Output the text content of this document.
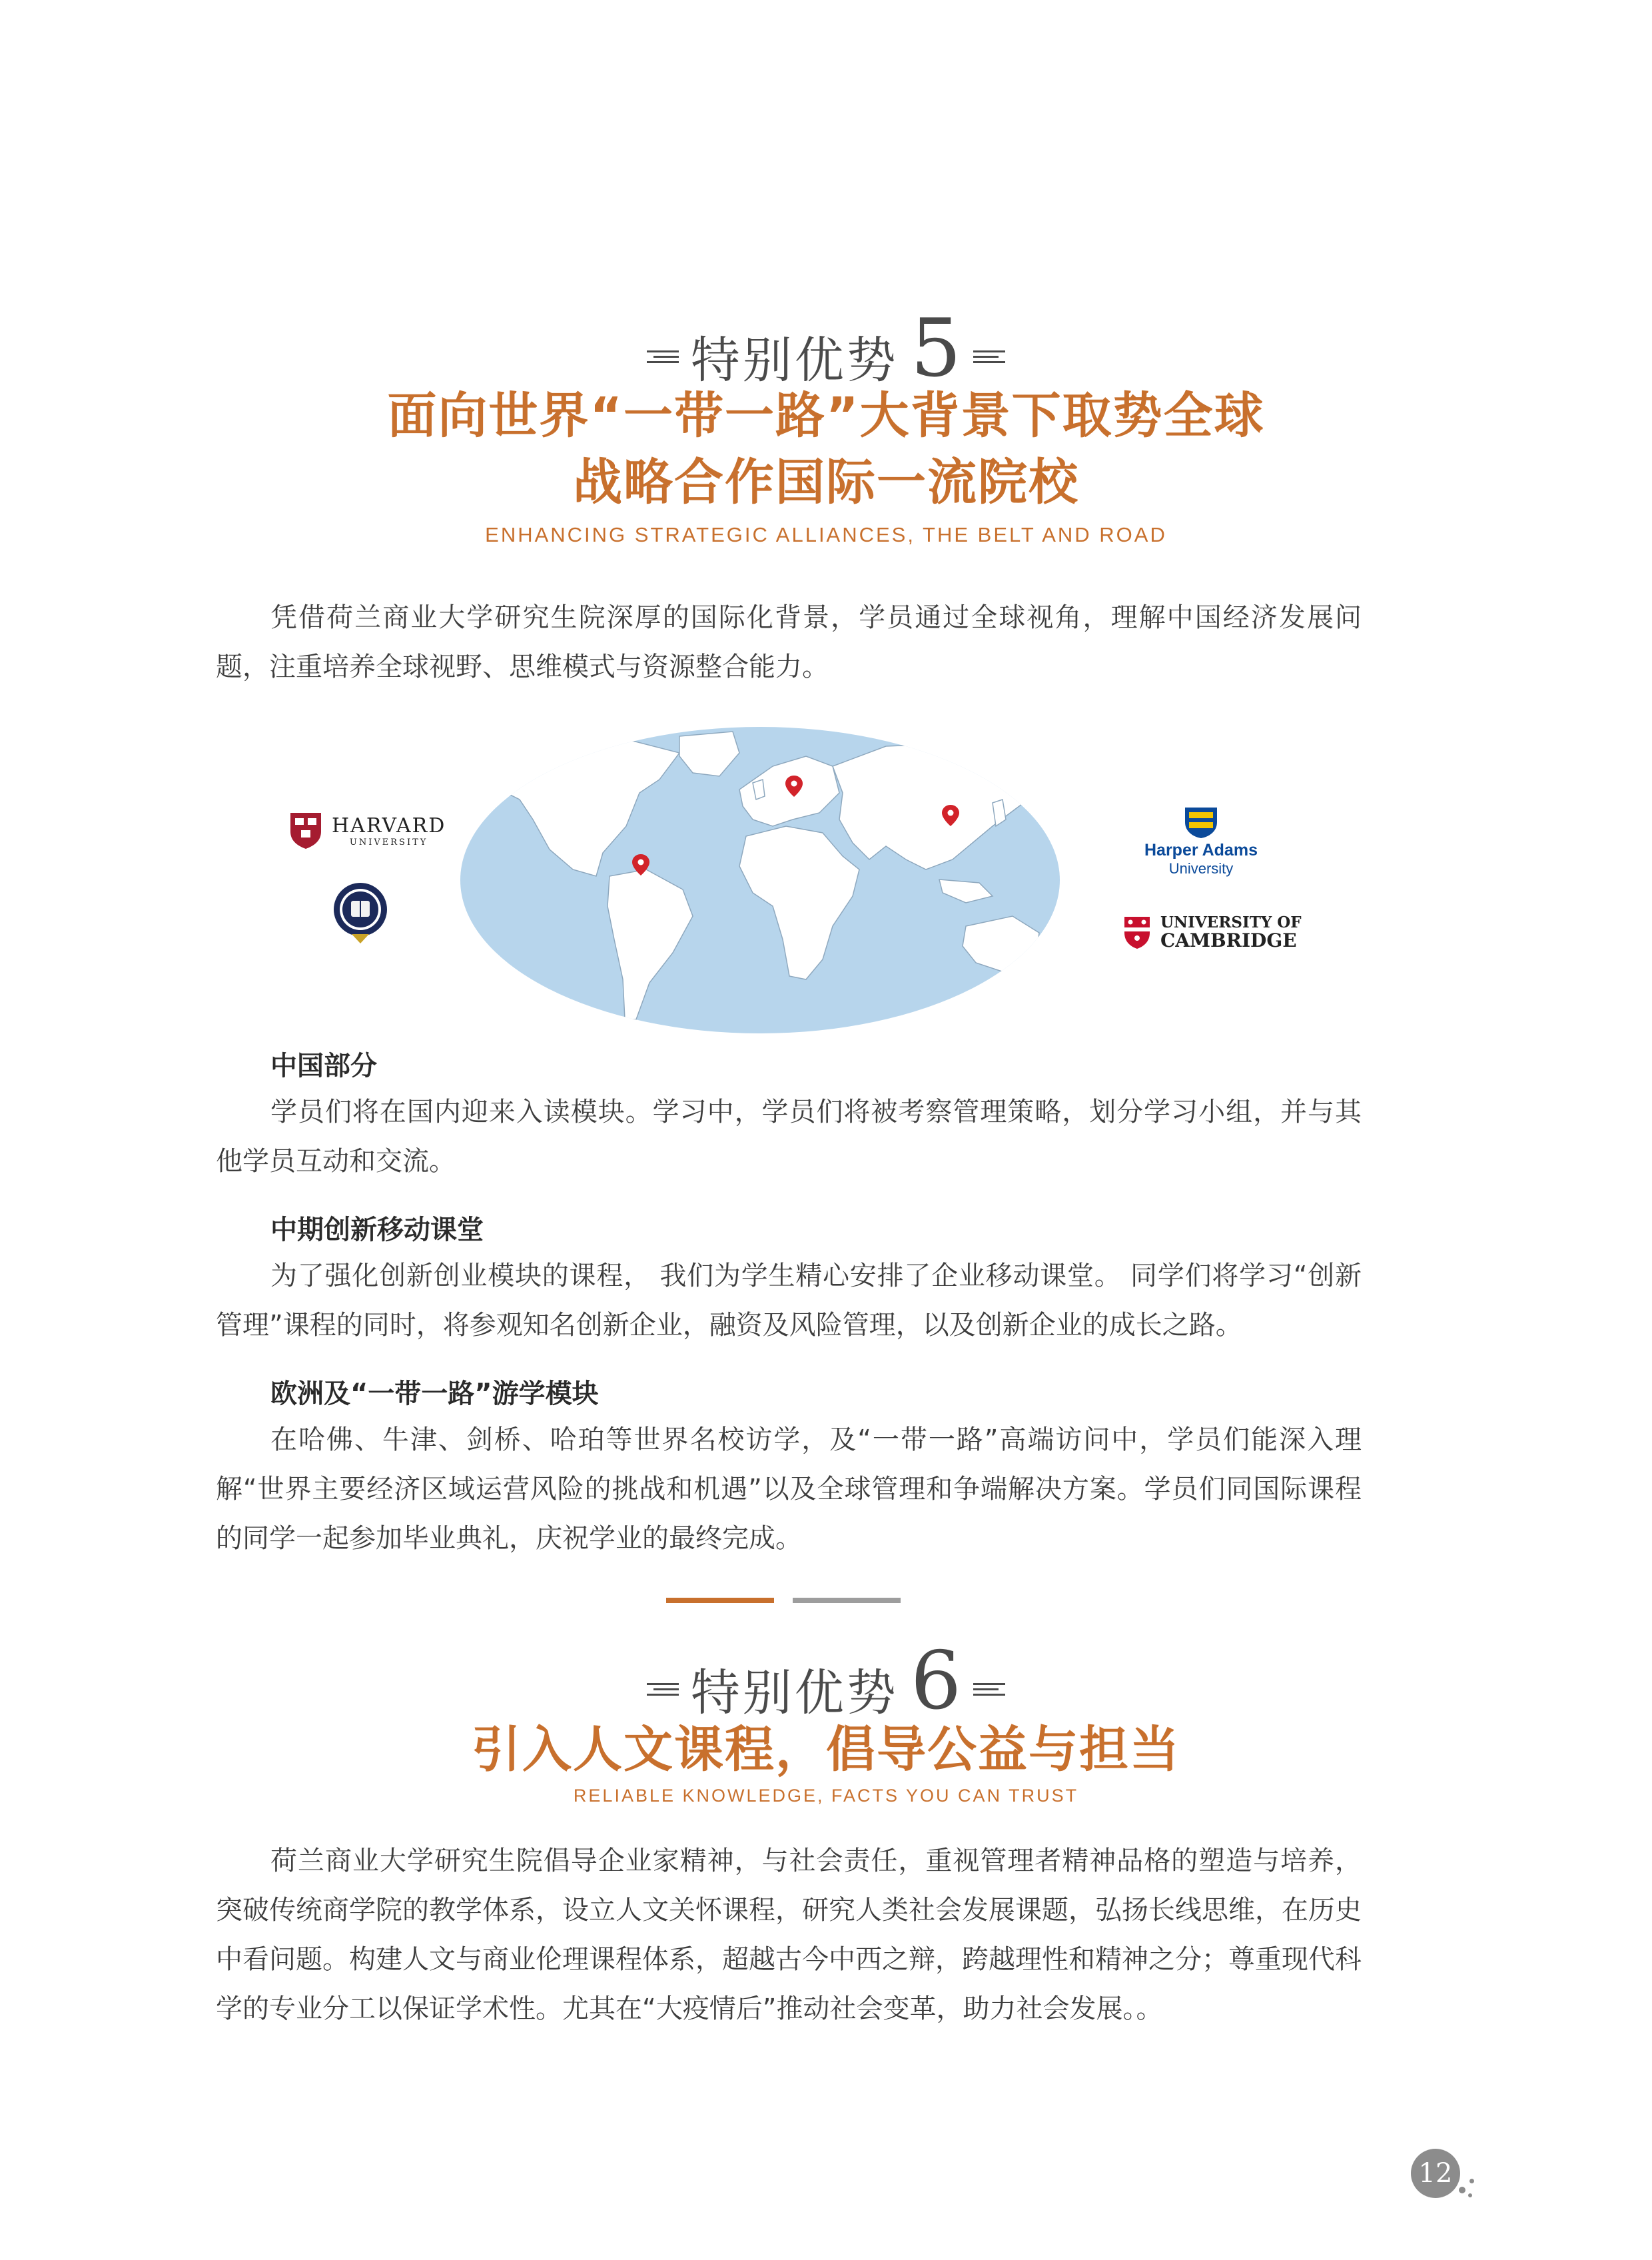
特别优势 5
面向世界“一带一路”大背景下取势全球
战略合作国际一流院校
ENHANCING STRATEGIC ALLIANCES, THE BELT AND ROAD
凭借荷兰商业大学研究生院深厚的国际化背景，学员通过全球视角，理解中国经济发展问题，注重培养全球视野、思维模式与资源整合能力。
HARVARD
UNIVERSITY	Harper Adams
University
UNIVERSITY OF
CAMBRIDGE
中国部分
学员们将在国内迎来入读模块。学习中，学员们将被考察管理策略，划分学习小组，并与其他学员互动和交流。
中期创新移动课堂
为了强化创新创业模块的课程， 我们为学生精心安排了企业移动课堂。 同学们将学习“创新管理”课程的同时，将参观知名创新企业，融资及风险管理，以及创新企业的成长之路。
欧洲及“一带一路”游学模块
在哈佛、牛津、剑桥、哈珀等世界名校访学，及“一带一路”高端访问中，学员们能深入理解“世界主要经济区域运营风险的挑战和机遇”以及全球管理和争端解决方案。学员们同国际课程的同学一起参加毕业典礼，庆祝学业的最终完成。
特别优势 6
引入人文课程，倡导公益与担当
RELIABLE KNOWLEDGE, FACTS YOU CAN TRUST
荷兰商业大学研究生院倡导企业家精神，与社会责任，重视管理者精神品格的塑造与培养，突破传统商学院的教学体系，设立人文关怀课程，研究人类社会发展课题，弘扬长线思维，在历史中看问题。构建人文与商业伦理课程体系，超越古今中西之辩，跨越理性和精神之分；尊重现代科学的专业分工以保证学术性。尤其在“大疫情后”推动社会变革，助力社会发展。。
12
